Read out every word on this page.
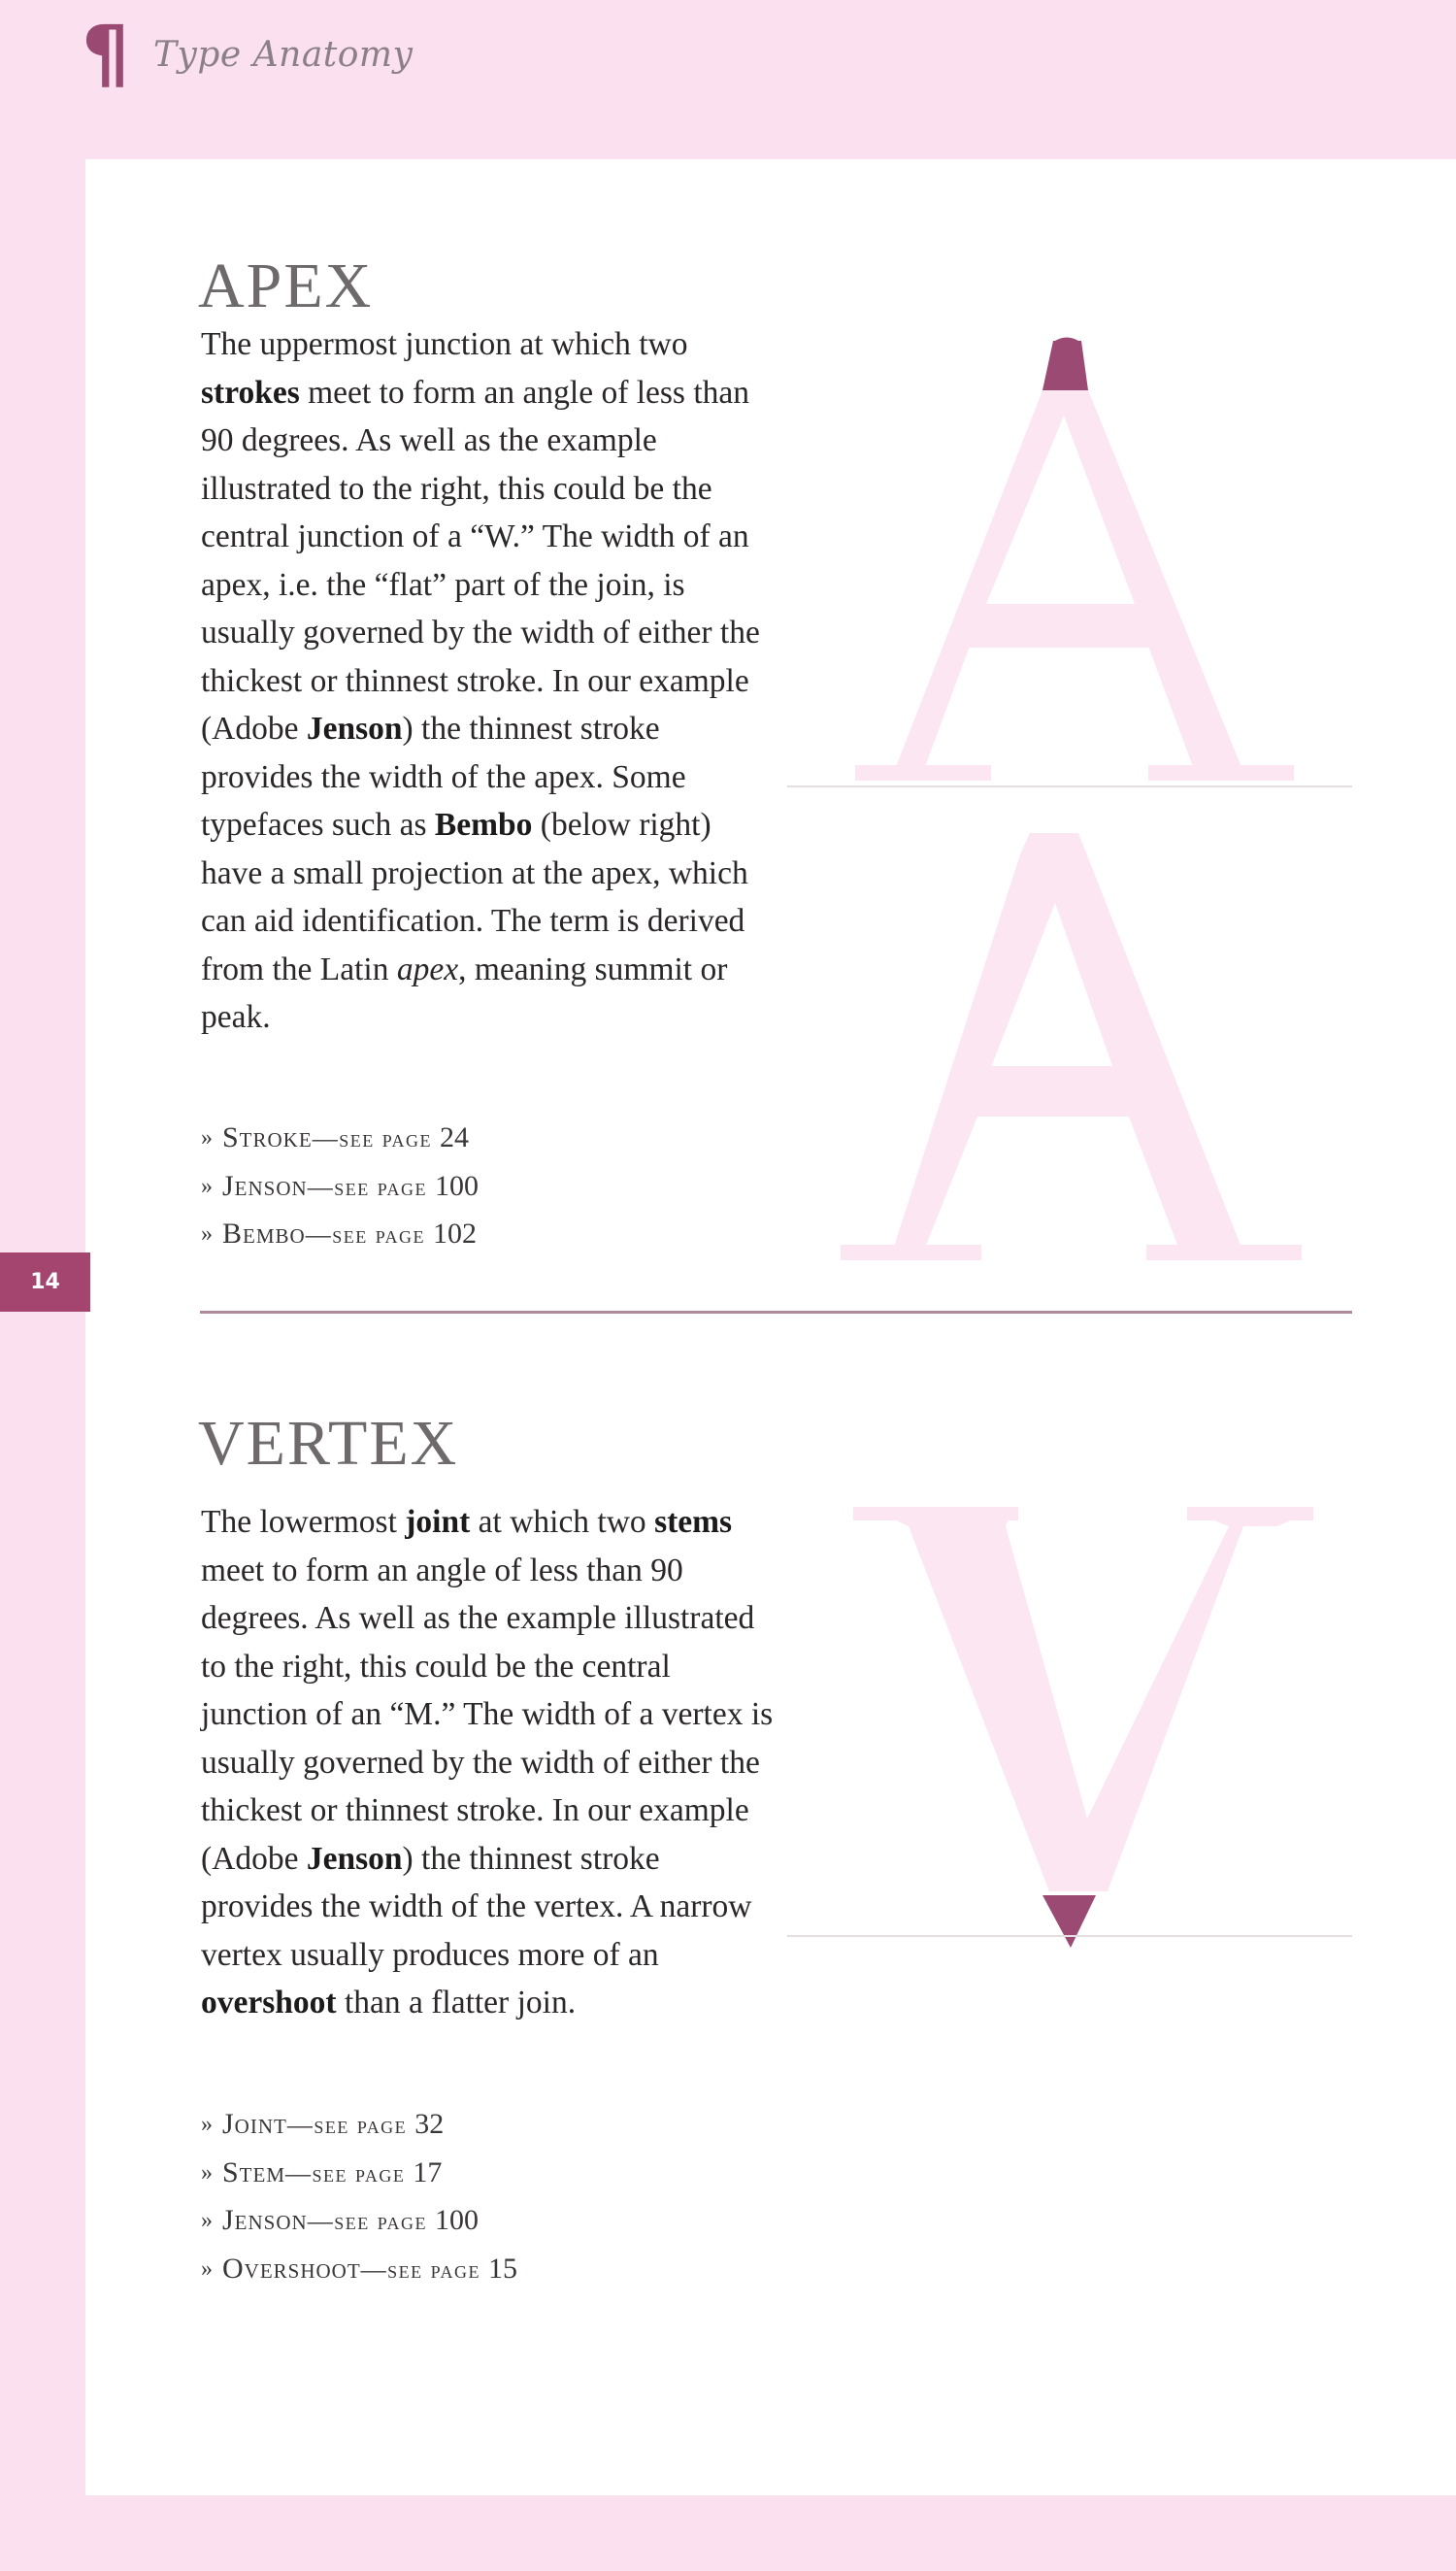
¶ Type Anatomy
14
APEX

The uppermost junction at which two strokes meet to form an angle of less than 90 degrees. As well as the example illustrated to the right, this could be the central junction of a “W.” The width of an apex, i.e. the “flat” part of the join, is usually governed by the width of either the thickest or thinnest stroke. In our example (Adobe Jenson) the thinnest stroke provides the width of the apex. Some typefaces such as Bembo (below right) have a small projection at the apex, which can aid identification. The term is derived from the Latin apex, meaning summit or peak.

» Stroke—see page 24
» Jenson—see page 100
» Bembo—see page 102
VERTEX

The lowermost joint at which two stems meet to form an angle of less than 90 degrees. As well as the example illustrated to the right, this could be the central junction of an “M.” The width of a vertex is usually governed by the width of either the thickest or thinnest stroke. In our example (Adobe Jenson) the thinnest stroke provides the width of the vertex. A narrow vertex usually produces more of an overshoot than a flatter join.

» Joint—see page 32
» Stem—see page 17
» Jenson—see page 100
» Overshoot—see page 15
